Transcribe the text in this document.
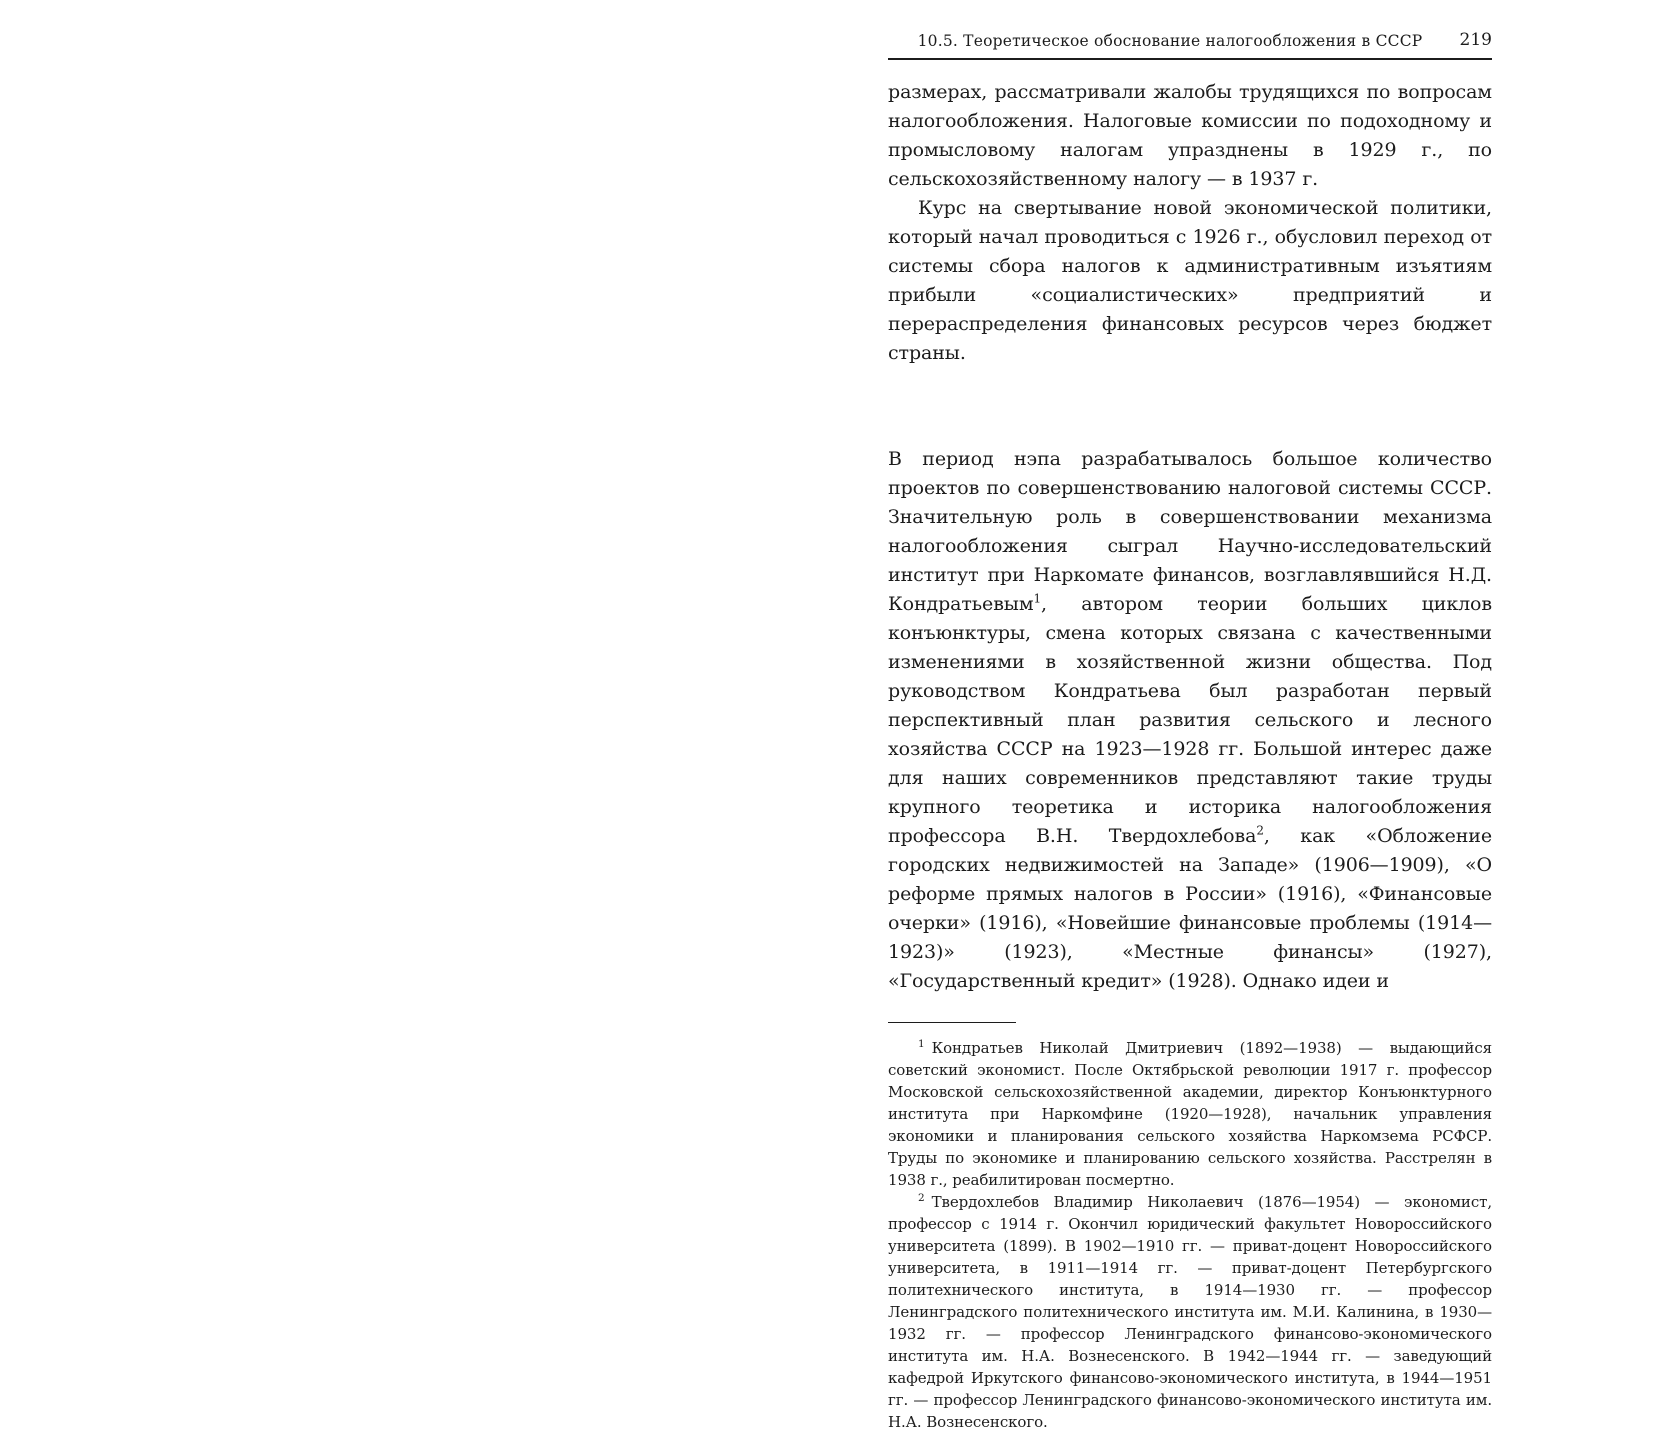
10.5. Теоретическое обоснование налогообложения в СССР	219

размерах, рассматривали жалобы трудящихся по вопросам налогообложения. Налоговые комиссии по подоходному и промысловому налогам упразднены в 1929 г., по сельскохозяйственному налогу — в 1937 г.

Курс на свертывание новой экономической политики, который начал проводиться с 1926 г., обусловил переход от системы сбора налогов к административным изъятиям прибыли «социалистических» предприятий и перераспределения финансовых ресурсов через бюджет страны.

В период нэпа разрабатывалось большое количество проектов по совершенствованию налоговой системы СССР. Значительную роль в совершенствовании механизма налогообложения сыграл Научно-исследовательский институт при Наркомате финансов, возглавлявшийся Н.Д. Кондратьевым$^1$, автором теории больших циклов конъюнктуры, смена которых связана с качественными изменениями в хозяйственной жизни общества. Под руководством Кондратьева был разработан первый перспективный план развития сельского и лесного хозяйства СССР на 1923—1928 гг. Большой интерес даже для наших современников представляют такие труды крупного теоретика и историка налогообложения профессора В.Н. Твердохлебова$^2$, как «Обложение городских недвижимостей на Западе» (1906—1909), «О реформе прямых налогов в России» (1916), «Финансовые очерки» (1916), «Новейшие финансовые проблемы (1914—1923)» (1923), «Местные финансы» (1927), «Государственный кредит» (1928). Однако идеи и

$^1$ Кондратьев Николай Дмитриевич (1892—1938) — выдающийся советский экономист. После Октябрьской революции 1917 г. профессор Московской сельскохозяйственной академии, директор Конъюнктурного института при Наркомфине (1920—1928), начальник управления экономики и планирования сельского хозяйства Наркомзема РСФСР. Труды по экономике и планированию сельского хозяйства. Расстрелян в 1938 г., реабилитирован посмертно.

$^2$ Твердохлебов Владимир Николаевич (1876—1954) — экономист, профессор с 1914 г. Окончил юридический факультет Новороссийского университета (1899). В 1902—1910 гг. — приват-доцент Новороссийского университета, в 1911—1914 гг. — приват-доцент Петербургского политехнического института, в 1914—1930 гг. — профессор Ленинградского политехнического института им. М.И. Калинина, в 1930—1932 гг. — профессор Ленинградского финансово-экономического института им. Н.А. Вознесенского. В 1942—1944 гг. — заведующий кафедрой Иркутского финансово-экономического института, в 1944—1951 гг. — профессор Ленинградского финансово-экономического института им. Н.А. Вознесенского.
